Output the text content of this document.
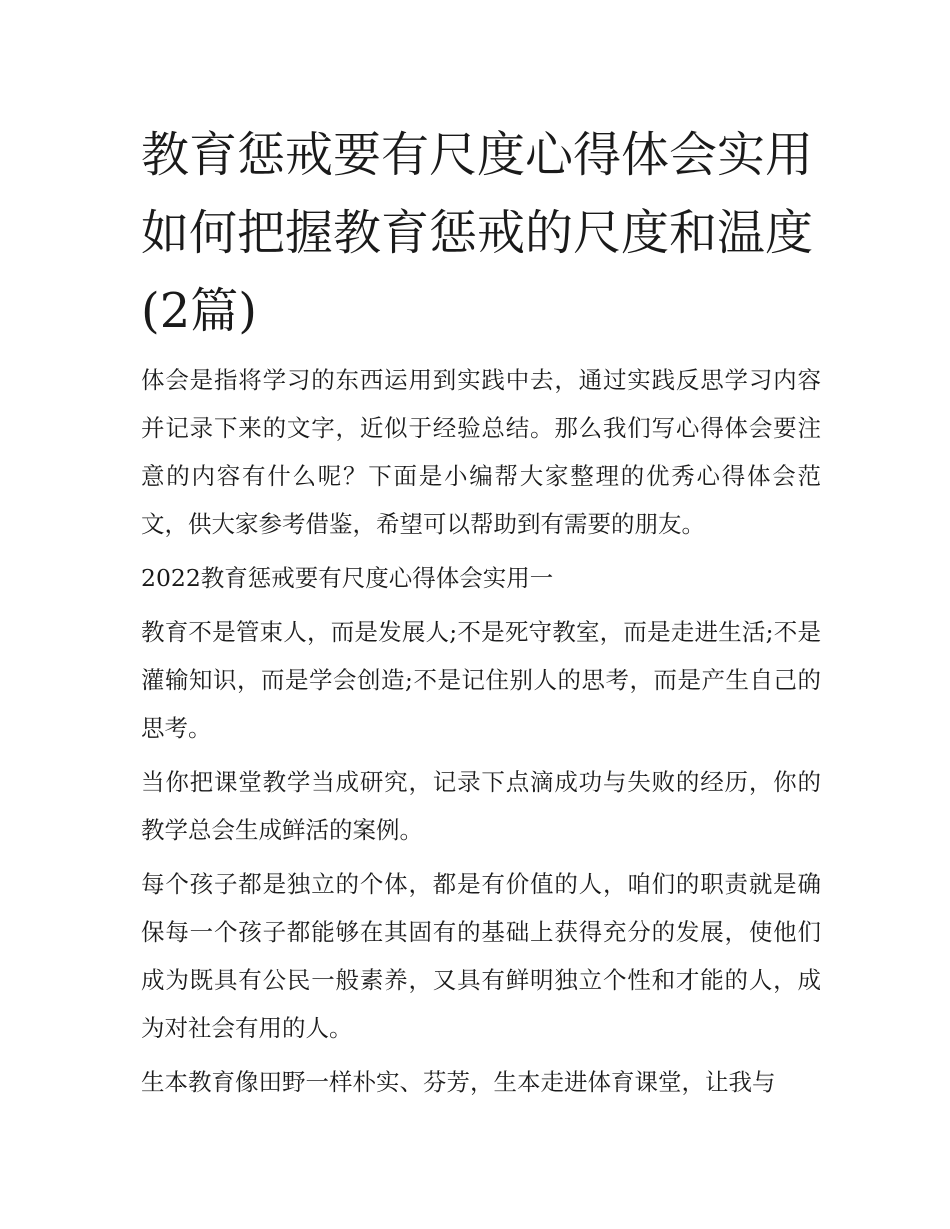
教育惩戒要有尺度心得体会实用 如何把握教育惩戒的尺度和温度(2篇)

体会是指将学习的东西运用到实践中去，通过实践反思学习内容并记录下来的文字，近似于经验总结。那么我们写心得体会要注意的内容有什么呢？下面是小编帮大家整理的优秀心得体会范文，供大家参考借鉴，希望可以帮助到有需要的朋友。

2022教育惩戒要有尺度心得体会实用一

教育不是管束人，而是发展人;不是死守教室，而是走进生活;不是灌输知识，而是学会创造;不是记住别人的思考，而是产生自己的思考。

当你把课堂教学当成研究，记录下点滴成功与失败的经历，你的教学总会生成鲜活的案例。

每个孩子都是独立的个体，都是有价值的人，咱们的职责就是确保每一个孩子都能够在其固有的基础上获得充分的发展，使他们成为既具有公民一般素养，又具有鲜明独立个性和才能的人，成为对社会有用的人。

生本教育像田野一样朴实、芬芳，生本走进体育课堂，让我与
